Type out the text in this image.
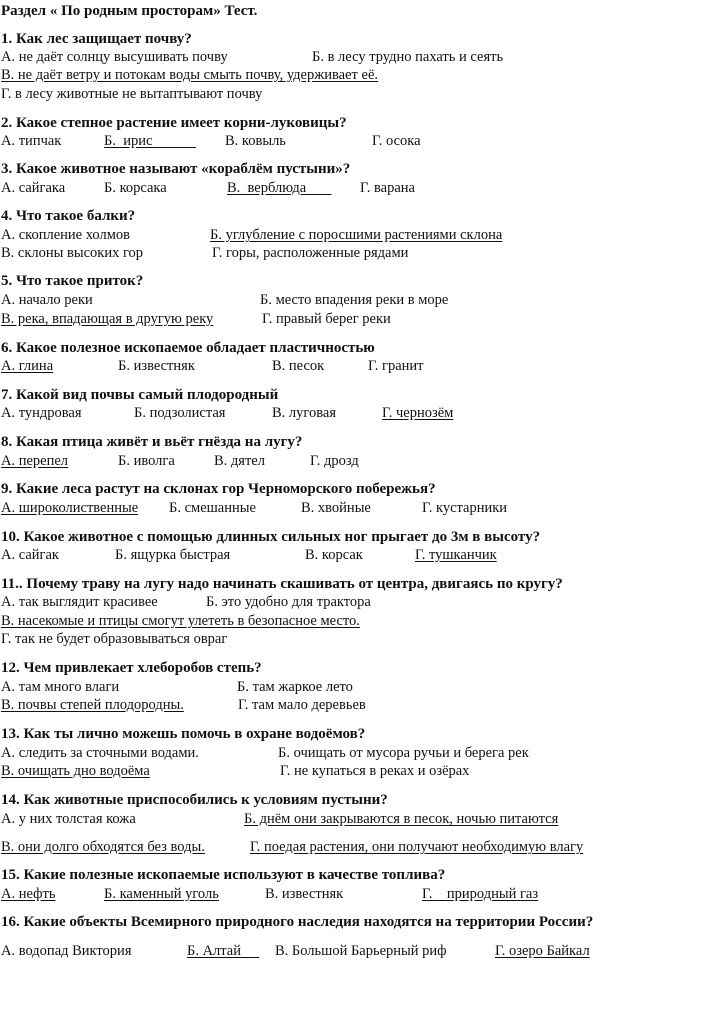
Раздел « По родным просторам» Тест.
1. Как лес защищает почву?
А. не даёт солнцу высушивать почву	Б. в лесу трудно пахать и сеять
В. не даёт ветру и потокам воды смыть почву, удерживает её.
Г. в лесу животные не вытаптывают почву
2. Какое степное растение имеет корни-луковицы?
А. типчак	Б.  ирис В. ковыль	Г. осока
3. Какое животное называют «кораблём пустыни»?
А. сайгака	Б. корсака	В.  верблюда Г. варана
4. Что такое балки?
А. скопление холмов	Б. углубление с поросшими растениями склона
В. склоны высоких гор	Г. горы, расположенные рядами
5. Что такое приток?
А. начало реки	Б. место впадения реки в море
В. река, впадающая в другую реку	Г. правый берег реки
6. Какое полезное ископаемое обладает пластичностью
А. глина	Б. известняк	В. песок	Г. гранит
7. Какой вид почвы самый плодородный
А. тундровая	Б. подзолистая	В. луговая	Г. чернозём
8. Какая птица живёт и вьёт гнёзда на лугу?
А. перепел	Б. иволга	В. дятел	Г. дрозд
9. Какие леса растут на склонах гор Черноморского побережья?
А. широколиственные Б. смешанные	В. хвойные	Г. кустарники
10. Какое животное с помощью длинных сильных ног прыгает до 3м в высоту?
А. сайгак	Б. ящурка быстрая	В. корсак	Г. тушканчик
11.. Почему траву на лугу надо начинать скашивать от центра, двигаясь по кругу?
А. так выглядит красивее	Б. это удобно для трактора
В. насекомые и птицы смогут улететь в безопасное место.
Г. так не будет образовываться овраг
12. Чем привлекает хлеборобов степь?
А. там много влаги	Б. там жаркое лето
В. почвы степей плодородны.	Г. там мало деревьев
13. Как ты лично можешь помочь в охране водоёмов?
А. следить за сточными водами.	Б. очищать от мусора ручьи и берега рек
В. очищать дно водоёма	Г. не купаться в реках и озёрах
14. Как животные приспособились к условиям пустыни?
А. у них толстая кожа	Б. днём они закрываются в песок, ночью питаются
В. они долго обходятся без воды.	Г. поедая растения, они получают необходимую влагу
15. Какие полезные ископаемые используют в качестве топлива?
А. нефть	Б. каменный уголь	В. известняк	Г.    природный газ
16. Какие объекты Всемирного природного наследия находятся на территории России?
А. водопад Виктория	Б. Алтай В. Большой Барьерный риф	Г. озеро Байкал
